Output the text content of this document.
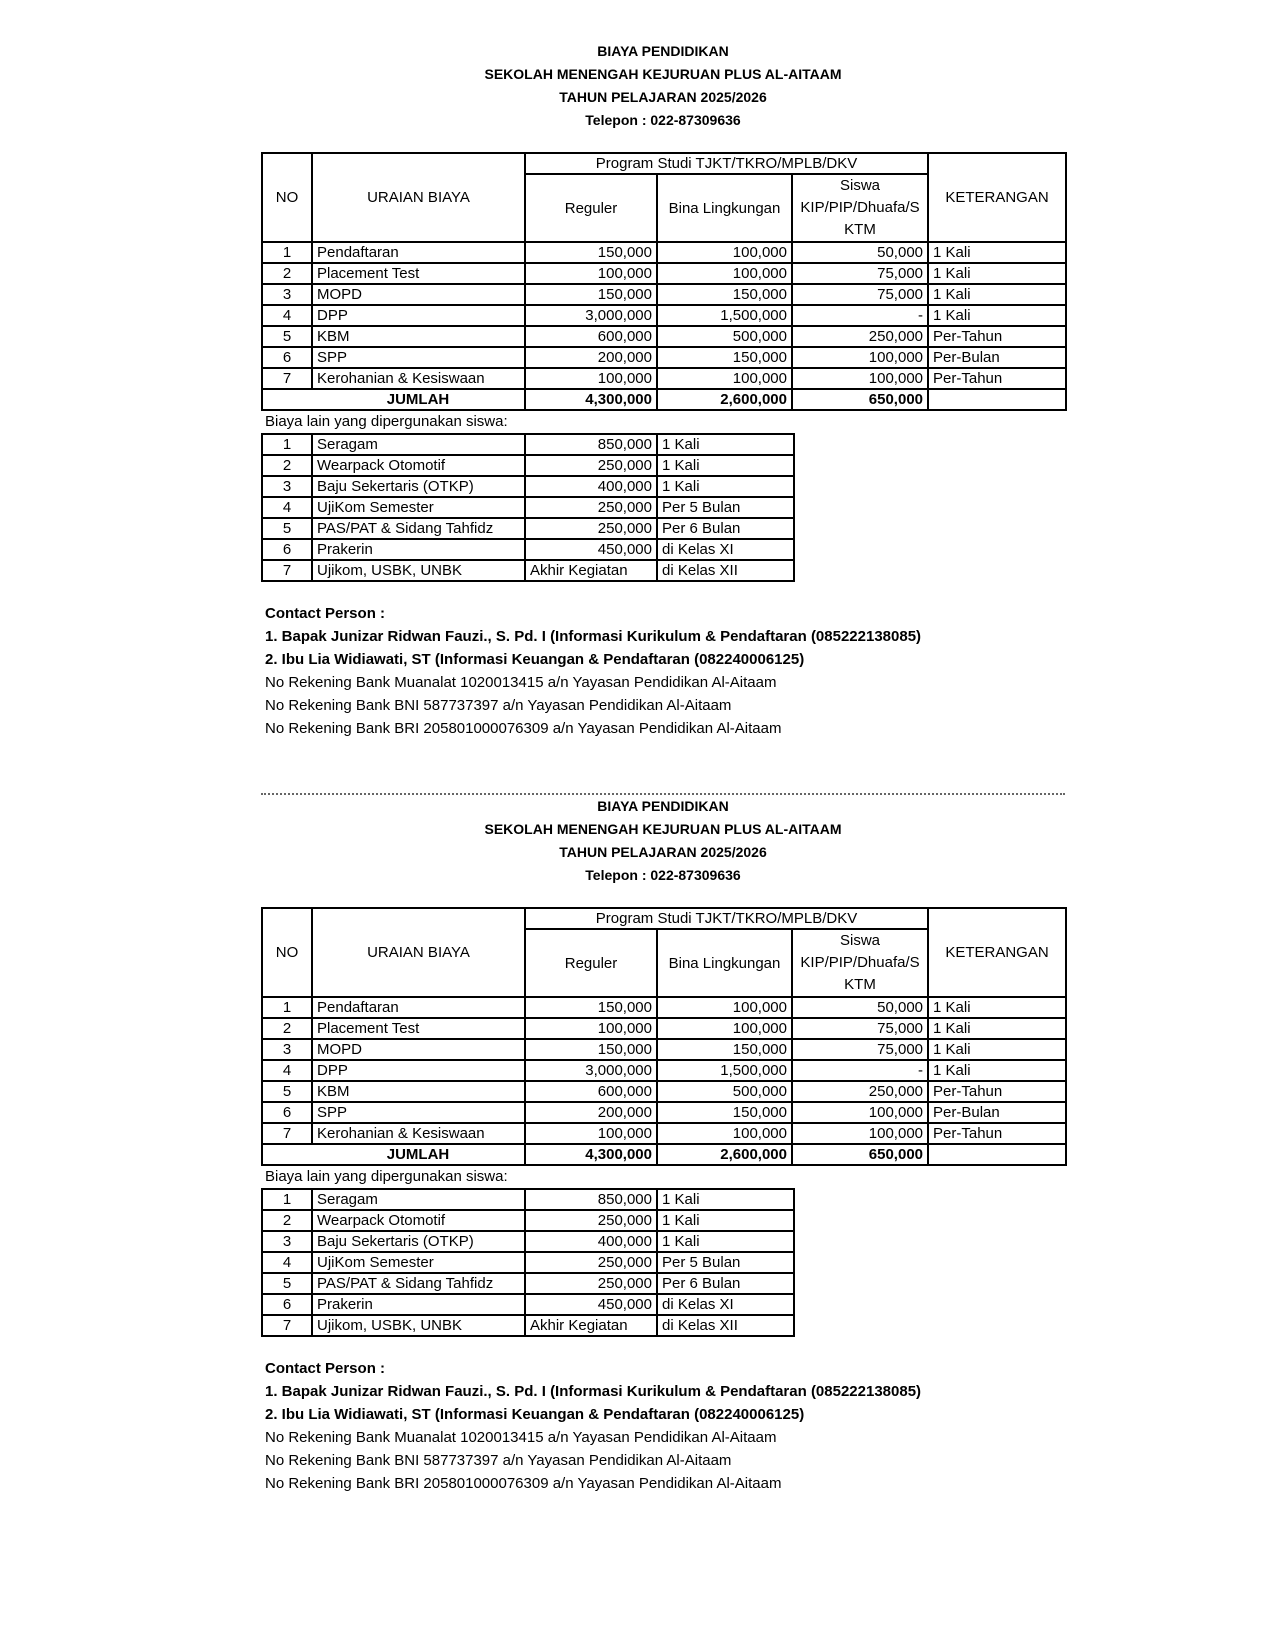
BIAYA PENDIDIKAN
SEKOLAH MENENGAH KEJURUAN PLUS AL-AITAAM
TAHUN PELAJARAN 2025/2026
Telepon : 022-87309636
NO	URAIAN BIAYA	Program Studi TJKT/TKRO/MPLB/DKV			KETERANGAN
		Reguler	Bina Lingkungan	Siswa
KIP/PIP/Dhuafa/S
KTM	

1	Pendaftaran	150,000	100,000	50,000	1 Kali
2	Placement Test	100,000	100,000	75,000	1 Kali
3	MOPD	150,000	150,000	75,000	1 Kali
4	DPP	3,000,000	1,500,000	-	1 Kali
5	KBM	600,000	500,000	250,000	Per-Tahun
6	SPP	200,000	150,000	100,000	Per-Bulan
7	Kerohanian & Kesiswaan	100,000	100,000	100,000	Per-Tahun
	JUMLAH	4,300,000	2,600,000	650,000	
Biaya lain yang dipergunakan siswa:
1	Seragam	850,000	1 Kali
2	Wearpack Otomotif	250,000	1 Kali
3	Baju Sekertaris (OTKP)	400,000	1 Kali
4	UjiKom Semester	250,000	Per 5 Bulan
5	PAS/PAT & Sidang Tahfidz	250,000	Per 6 Bulan
6	Prakerin	450,000	di Kelas XI
7	Ujikom, USBK, UNBK	Akhir Kegiatan	di Kelas XII
Contact Person :
1. Bapak Junizar Ridwan Fauzi., S. Pd. I (Informasi Kurikulum & Pendaftaran (085222138085)
2. Ibu Lia Widiawati, ST (Informasi Keuangan & Pendaftaran (082240006125)
No Rekening Bank Muanalat 1020013415 a/n Yayasan Pendidikan Al-Aitaam
No Rekening Bank BNI 587737397 a/n Yayasan Pendidikan Al-Aitaam
No Rekening Bank BRI 205801000076309 a/n Yayasan Pendidikan Al-Aitaam
BIAYA PENDIDIKAN
SEKOLAH MENENGAH KEJURUAN PLUS AL-AITAAM
TAHUN PELAJARAN 2025/2026
Telepon : 022-87309636
NO	URAIAN BIAYA	Program Studi TJKT/TKRO/MPLB/DKV			KETERANGAN
		Reguler	Bina Lingkungan	Siswa
KIP/PIP/Dhuafa/S
KTM	

1	Pendaftaran	150,000	100,000	50,000	1 Kali
2	Placement Test	100,000	100,000	75,000	1 Kali
3	MOPD	150,000	150,000	75,000	1 Kali
4	DPP	3,000,000	1,500,000	-	1 Kali
5	KBM	600,000	500,000	250,000	Per-Tahun
6	SPP	200,000	150,000	100,000	Per-Bulan
7	Kerohanian & Kesiswaan	100,000	100,000	100,000	Per-Tahun
	JUMLAH	4,300,000	2,600,000	650,000	
Biaya lain yang dipergunakan siswa:
1	Seragam	850,000	1 Kali
2	Wearpack Otomotif	250,000	1 Kali
3	Baju Sekertaris (OTKP)	400,000	1 Kali
4	UjiKom Semester	250,000	Per 5 Bulan
5	PAS/PAT & Sidang Tahfidz	250,000	Per 6 Bulan
6	Prakerin	450,000	di Kelas XI
7	Ujikom, USBK, UNBK	Akhir Kegiatan	di Kelas XII
Contact Person :
1. Bapak Junizar Ridwan Fauzi., S. Pd. I (Informasi Kurikulum & Pendaftaran (085222138085)
2. Ibu Lia Widiawati, ST (Informasi Keuangan & Pendaftaran (082240006125)
No Rekening Bank Muanalat 1020013415 a/n Yayasan Pendidikan Al-Aitaam
No Rekening Bank BNI 587737397 a/n Yayasan Pendidikan Al-Aitaam
No Rekening Bank BRI 205801000076309 a/n Yayasan Pendidikan Al-Aitaam
